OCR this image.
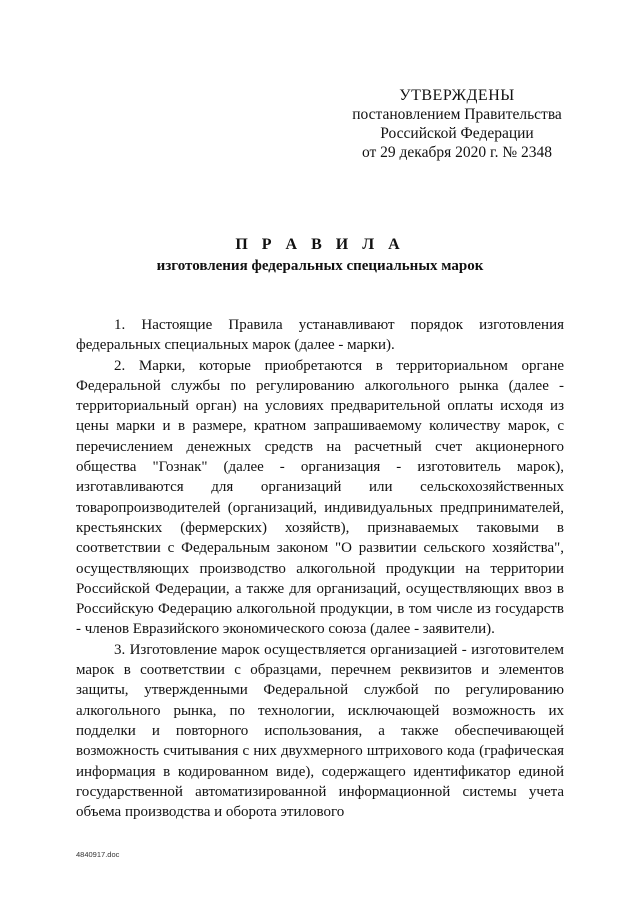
УТВЕРЖДЕНЫ
постановлением Правительства
Российской Федерации
от 29 декабря 2020 г. № 2348
П Р А В И Л А
изготовления федеральных специальных марок

1. Настоящие Правила устанавливают порядок изготовления федеральных специальных марок (далее - марки).

2. Марки, которые приобретаются в территориальном органе Федеральной службы по регулированию алкогольного рынка (далее - территориальный орган) на условиях предварительной оплаты исходя из цены марки и в размере, кратном запрашиваемому количеству марок, с перечислением денежных средств на расчетный счет акционерного общества "Гознак" (далее - организация - изготовитель марок), изготавливаются для организаций или сельскохозяйственных товаропроизводителей (организаций, индивидуальных предпринимателей, крестьянских (фермерских) хозяйств), признаваемых таковыми в соответствии с Федеральным законом "О развитии сельского хозяйства", осуществляющих производство алкогольной продукции на территории Российской Федерации, а также для организаций, осуществляющих ввоз в Российскую Федерацию алкогольной продукции, в том числе из государств - членов Евразийского экономического союза (далее - заявители).

3. Изготовление марок осуществляется организацией - изготовителем марок в соответствии с образцами, перечнем реквизитов и элементов защиты, утвержденными Федеральной службой по регулированию алкогольного рынка, по технологии, исключающей возможность их подделки и повторного использования, а также обеспечивающей возможность считывания с них двухмерного штрихового кода (графическая информация в кодированном виде), содержащего идентификатор единой государственной автоматизированной информационной системы учета объема производства и оборота этилового

4840917.doc
